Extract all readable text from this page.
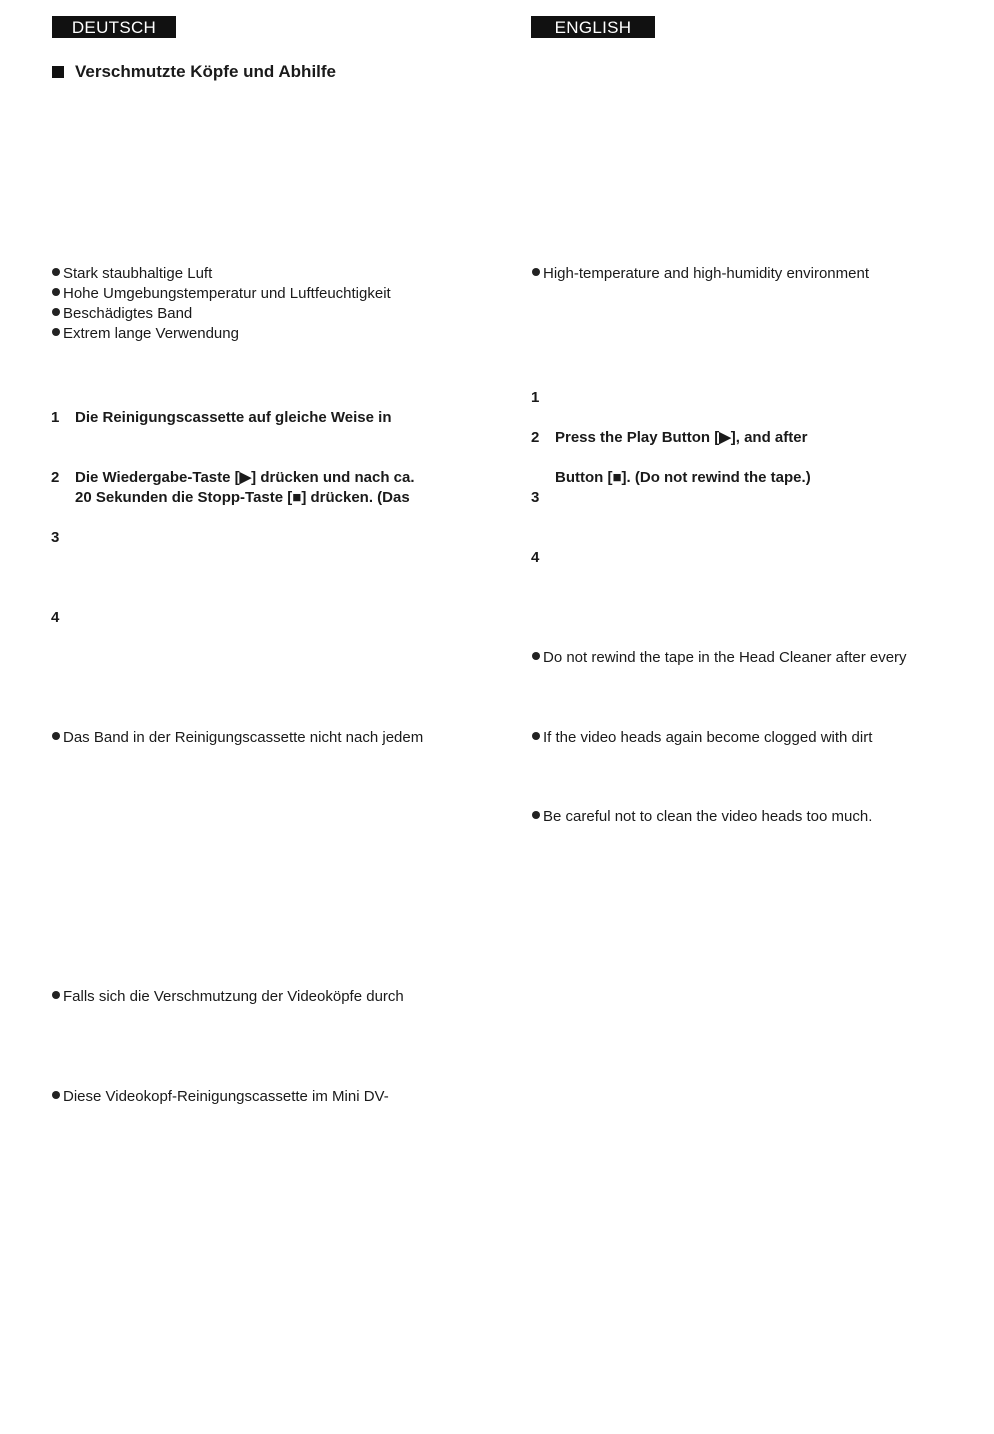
DEUTSCH	ENGLISH
Verschmutzte Köpfe und Abhilfe
Stark staubhaltige Luft
Hohe Umgebungstemperatur und Luftfeuchtigkeit
Beschädigtes Band
Extrem lange Verwendung
1 Die Reinigungscassette auf gleiche Weise in
2 Die Wiedergabe-Taste [▶] drücken und nach ca.
20 Sekunden die Stopp-Taste [■] drücken. (Das
3
4
Das Band in der Reinigungscassette nicht nach jedem
Falls sich die Verschmutzung der Videoköpfe durch
Diese Videokopf-Reinigungscassette im Mini DV-
High-temperature and high-humidity environment
1
2 Press the Play Button [▶], and after
Button [■]. (Do not rewind the tape.)
3
4
Do not rewind the tape in the Head Cleaner after every
If the video heads again become clogged with dirt
Be careful not to clean the video heads too much.
